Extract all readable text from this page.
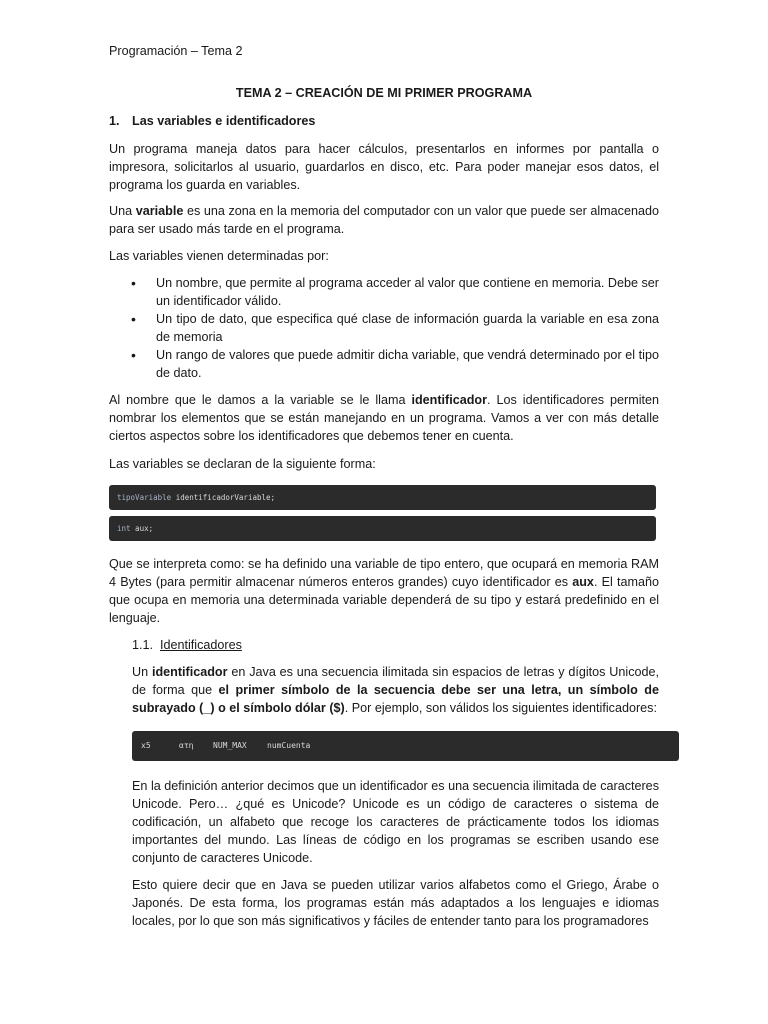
Programación – Tema 2
TEMA 2 – CREACIÓN DE MI PRIMER PROGRAMA
1. Las variables e identificadores

Un programa maneja datos para hacer cálculos, presentarlos en informes por pantalla o impresora, solicitarlos al usuario, guardarlos en disco, etc. Para poder manejar esos datos, el programa los guarda en variables.

Una variable es una zona en la memoria del computador con un valor que puede ser almacenado para ser usado más tarde en el programa.

Las variables vienen determinadas por:

• Un nombre, que permite al programa acceder al valor que contiene en memoria. Debe ser un identificador válido.
• Un tipo de dato, que especifica qué clase de información guarda la variable en esa zona de memoria
• Un rango de valores que puede admitir dicha variable, que vendrá determinado por el tipo de dato.

Al nombre que le damos a la variable se le llama identificador. Los identificadores permiten nombrar los elementos que se están manejando en un programa. Vamos a ver con más detalle ciertos aspectos sobre los identificadores que debemos tener en cuenta.

Las variables se declaran de la siguiente forma:

tipoVariable identificadorVariable;
int aux;

Que se interpreta como: se ha definido una variable de tipo entero, que ocupará en memoria RAM 4 Bytes (para permitir almacenar números enteros grandes) cuyo identificador es aux. El tamaño que ocupa en memoria una determinada variable dependerá de su tipo y estará predefinido en el lenguaje.

1.1. Identificadores

Un identificador en Java es una secuencia ilimitada sin espacios de letras y dígitos Unicode, de forma que el primer símbolo de la secuencia debe ser una letra, un símbolo de subrayado (_) o el símbolo dólar ($). Por ejemplo, son válidos los siguientes identificadores:

x5	ατη NUM_MAX	numCuenta

En la definición anterior decimos que un identificador es una secuencia ilimitada de caracteres Unicode. Pero… ¿qué es Unicode? Unicode es un código de caracteres o sistema de codificación, un alfabeto que recoge los caracteres de prácticamente todos los idiomas importantes del mundo. Las líneas de código en los programas se escriben usando ese conjunto de caracteres Unicode.

Esto quiere decir que en Java se pueden utilizar varios alfabetos como el Griego, Árabe o Japonés. De esta forma, los programas están más adaptados a los lenguajes e idiomas locales, por lo que son más significativos y fáciles de entender tanto para los programadores
